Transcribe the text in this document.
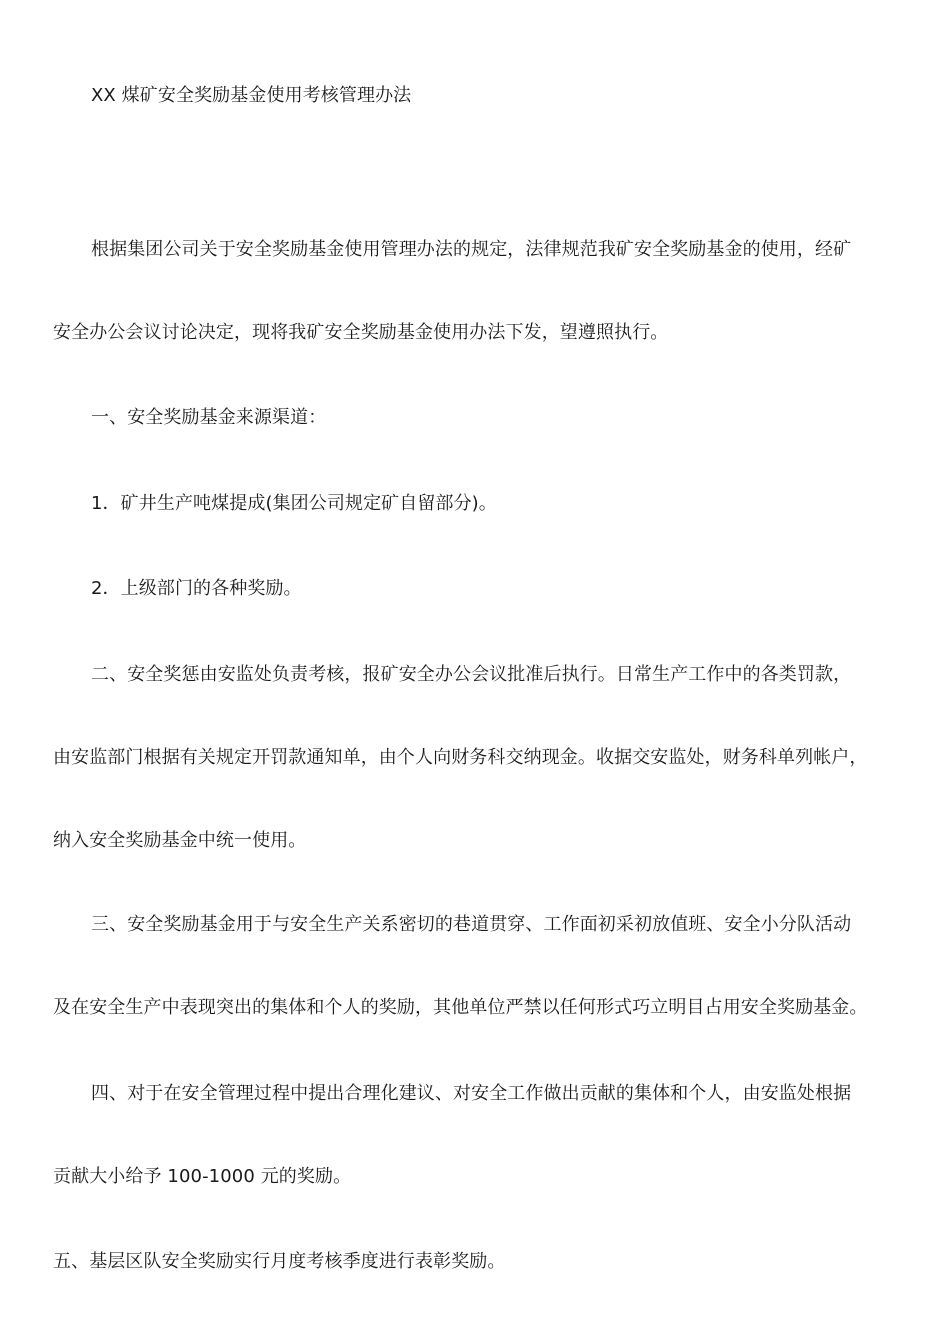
XX 煤矿安全奖励基金使用考核管理办法
根据集团公司关于安全奖励基金使用管理办法的规定，法律规范我矿安全奖励基金的使用，经矿
安全办公会议讨论决定，现将我矿安全奖励基金使用办法下发，望遵照执行。
一、安全奖励基金来源渠道：
1．矿井生产吨煤提成(集团公司规定矿自留部分)。
2．上级部门的各种奖励。
二、安全奖惩由安监处负责考核，报矿安全办公会议批准后执行。日常生产工作中的各类罚款，
由安监部门根据有关规定开罚款通知单，由个人向财务科交纳现金。收据交安监处，财务科单列帐户，
纳入安全奖励基金中统一使用。
三、安全奖励基金用于与安全生产关系密切的巷道贯穿、工作面初采初放值班、安全小分队活动
及在安全生产中表现突出的集体和个人的奖励，其他单位严禁以任何形式巧立明目占用安全奖励基金。
四、对于在安全管理过程中提出合理化建议、对安全工作做出贡献的集体和个人，由安监处根据
贡献大小给予 100-1000 元的奖励。
五、基层区队安全奖励实行月度考核季度进行表彰奖励。
